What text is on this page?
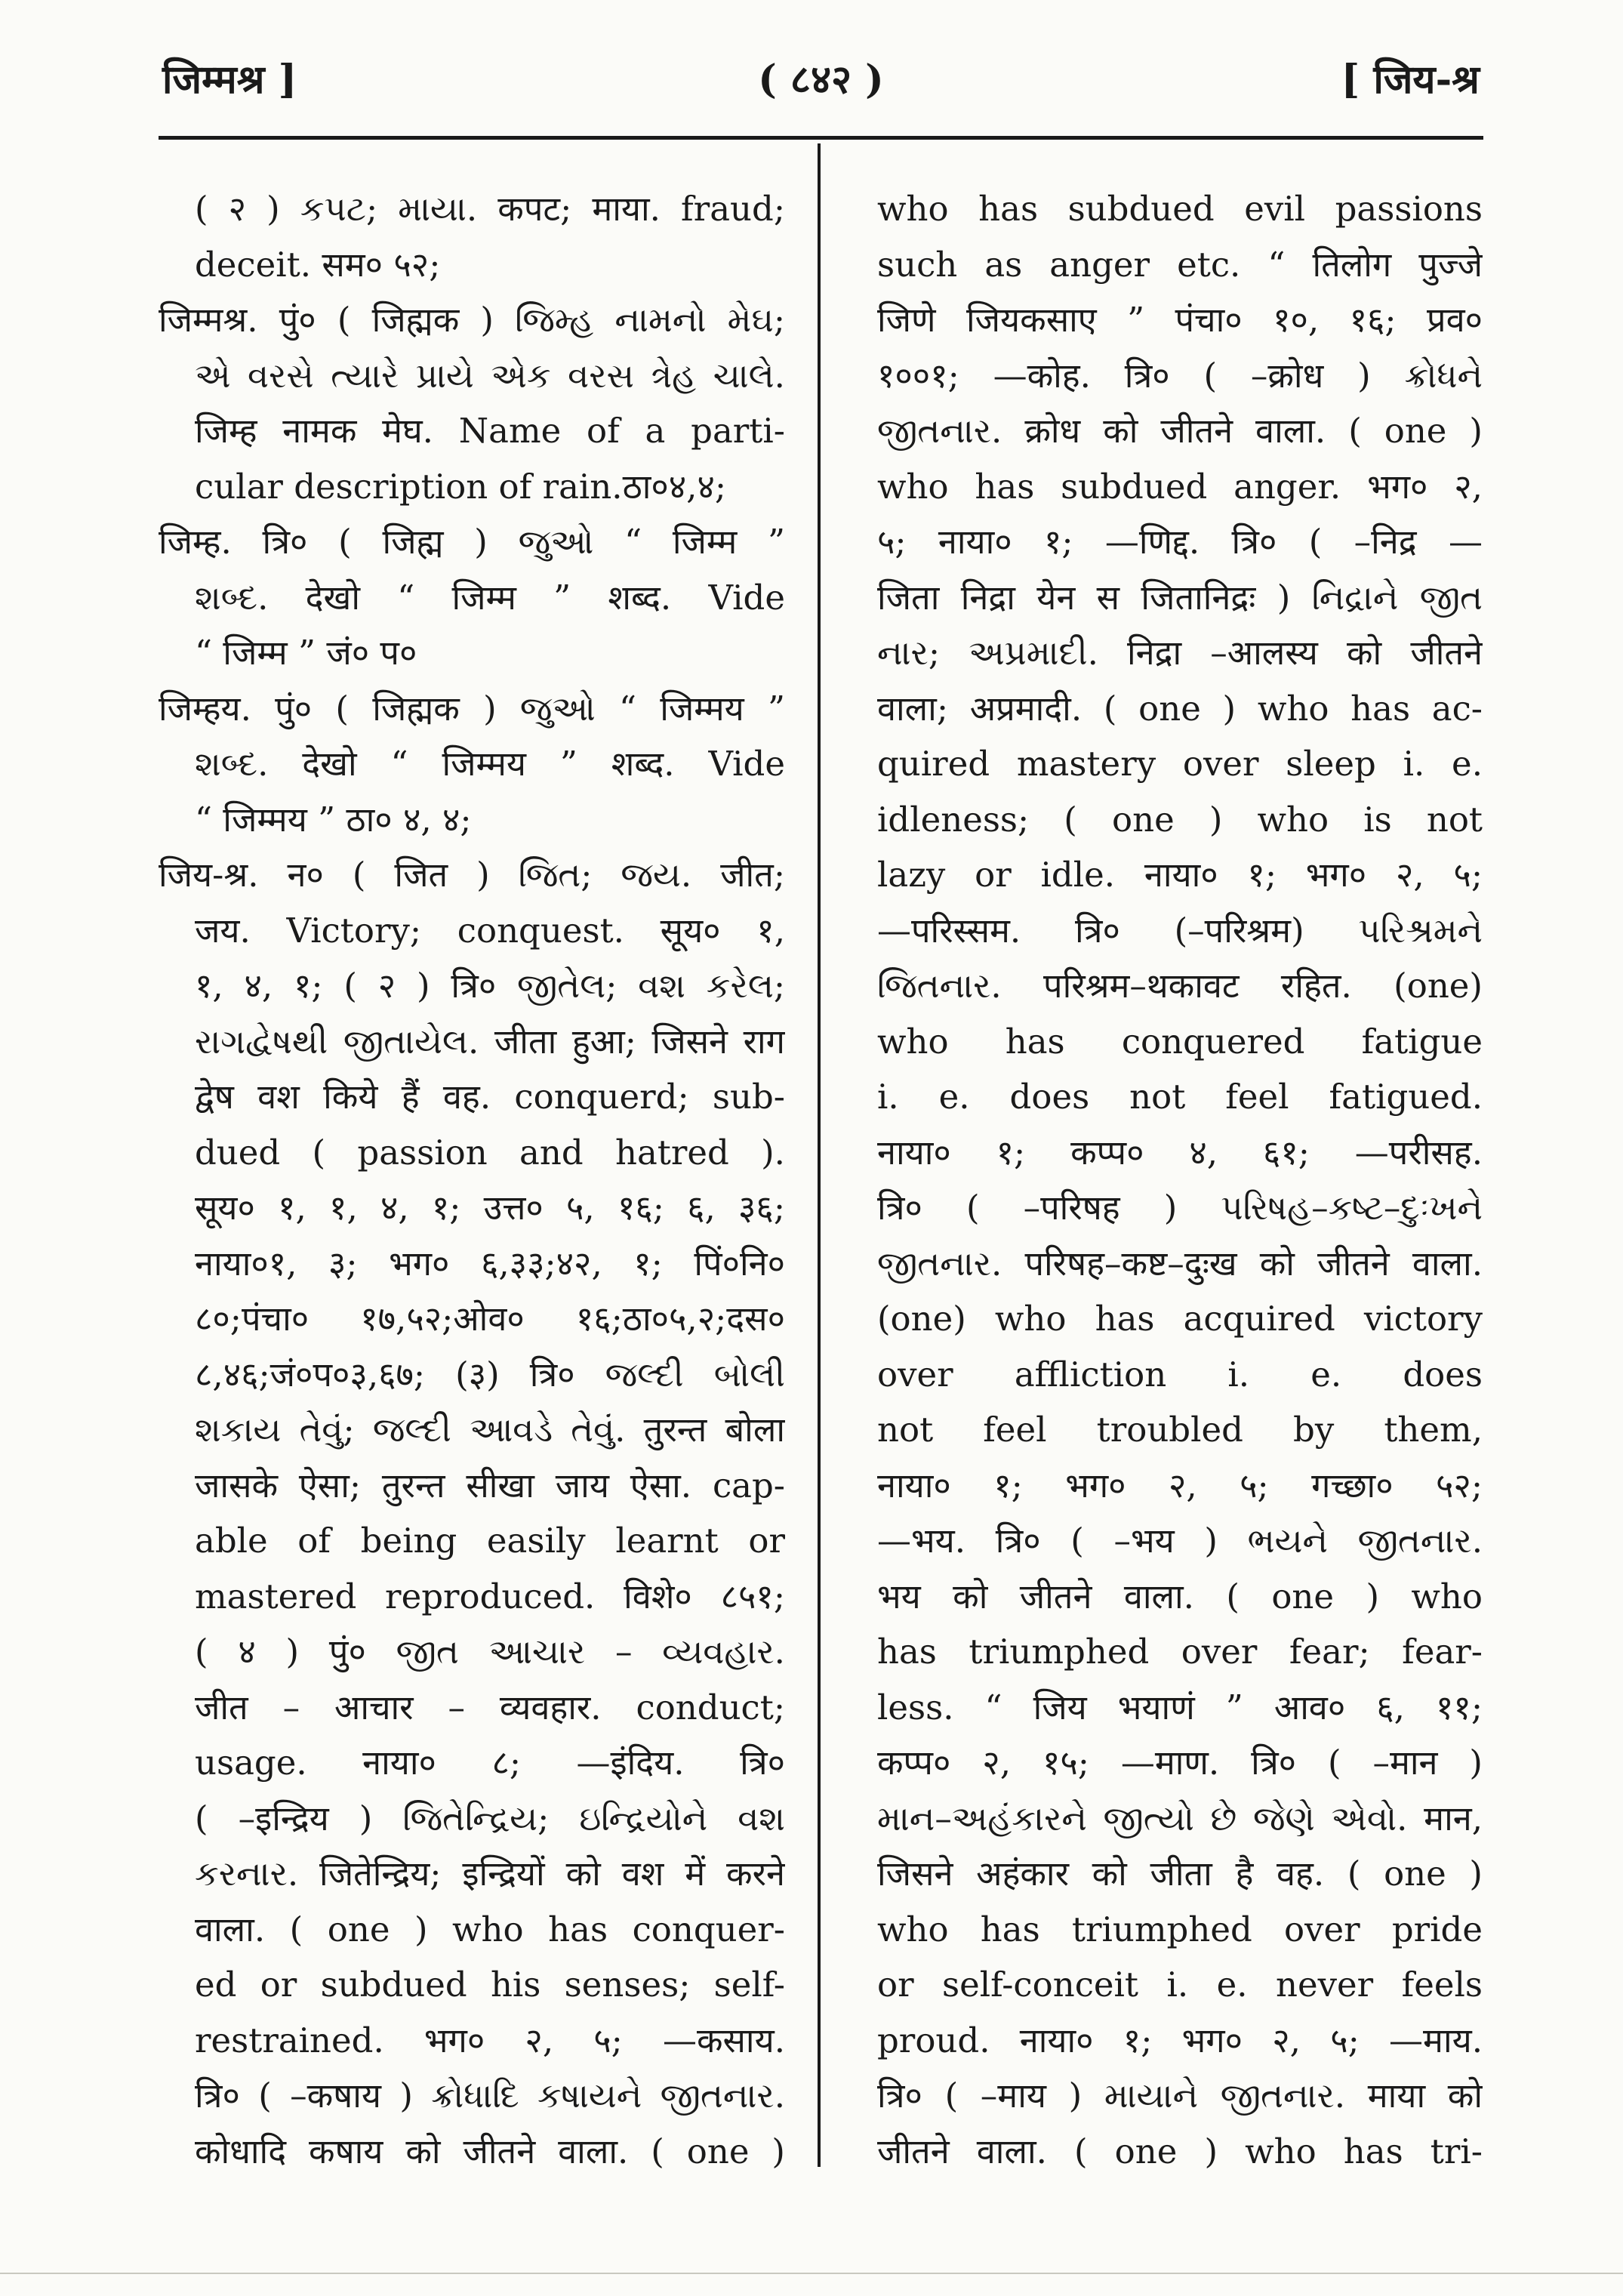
जिम्मश्र ]	( ८४२ )	[ जिय-श्र
( २ ) કપટ; માયા. कपट; माया. fraud;
deceit. सम० ५२;
जिम्मश्र. पुं० ( जिह्मक ) જિમ્હ નામનો મેઘ;
એ વરસે ત્યારે પ્રાયે એક વરસ ત્રેહ ચાલે.
जिम्ह नामक मेघ. Name of a parti-
cular description of rain.ठा०४,४;
जिम्ह. त्रि० ( जिह्म ) જુઓ “ जिम्म ”
શબ્દ. देखो “ जिम्म ” शब्द. Vide
“ जिम्म ” जं० प०
जिम्हय. पुं० ( जिह्मक ) જુઓ “ जिम्मय ”
શબ્દ. देखो “ जिम्मय ” शब्द. Vide
“ जिम्मय ” ठा० ४, ४;
जिय-श्र. न० ( जित ) જિત; જય. जीत;
जय. Victory; conquest. सूय० १,
१, ४, १; ( २ ) त्रि० જીતેલ; વશ કરેલ;
રાગદ્વેષથી જીતાયેલ. जीता हुआ; जिसने राग
द्वेष वश किये हैं वह. conquerd; sub-
dued ( passion and hatred ).
सूय० १, १, ४, १; उत्त० ५, १६; ६, ३६;
नाया०१, ३; भग० ६,३३;४२, १; पिं०नि०
८०;पंचा० १७,५२;ओव० १६;ठा०५,२;दस०
८,४६;जं०प०३,६७; (३) त्रि० જલ્દી બોલી
શકાય તેવું; જલ્દી આવડે તેવું. तुरन्त बोला
जासके ऐसा; तुरन्त सीखा जाय ऐसा. cap-
able of being easily learnt or
mastered reproduced. विशे० ८५१;
( ४ ) पुं० જીત આચાર – વ્યવહાર.
जीत – आचार – व्यवहार. conduct;
usage. नाया० ८; —इंदिय. त्रि०
( –इन्द्रिय ) જિતેન્દ્રિય; ઇન્દ્રિયોને વશ
કરનાર. जितेन्द्रिय; इन्द्रियों को वश में करने
वाला. ( one ) who has conquer-
ed or subdued his senses; self-
restrained. भग० २, ५; —कसाय.
त्रि० ( –कषाय ) ક્રોધાદિ કષાયને જીતનાર.
कोधादि कषाय को जीतने वाला. ( one )
who has subdued evil passions
such as anger etc. “ तिलोग पुज्जे
जिणे जियकसाए ” पंचा० १०, १६; प्रव०
१००१; —कोह. त्रि० ( –क्रोध ) ક્રોધને
જીતનાર. क्रोध को जीतने वाला. ( one )
who has subdued anger. भग० २,
५; नाया० १; —णिद्द. त्रि० ( –निद्र —
जिता निद्रा येन स जितानिद्रः ) નિદ્રાને જીત
નાર; અપ્રમાદી. निद्रा –आलस्य को जीतने
वाला; अप्रमादी. ( one ) who has ac-
quired mastery over sleep i. e.
idleness; ( one ) who is not
lazy or idle. नाया० १; भग० २, ५;
—परिस्सम. त्रि० (–परिश्रम) પરિશ્રમને
જિતનાર. परिश्रम–थकावट रहित. (one)
who has conquered fatigue
i. e. does not feel fatigued.
नाया० १; कप्प० ४, ६१; —परीसह.
त्रि० ( –परिषह ) પરિષહ–કષ્ટ–દુઃખને
જીતનાર. परिषह–कष्ट–दुःख को जीतने वाला.
(one) who has acquired victory
over affliction i. e. does
not feel troubled by them,
नाया० १; भग० २, ५; गच्छा० ५२;
—भय. त्रि० ( –भय ) ભયને જીતનાર.
भय को जीतने वाला. ( one ) who
has triumphed over fear; fear-
less. “ जिय भयाणं ” आव० ६, ११;
कप्प० २, १५; —माण. त्रि० ( –मान )
માન–અહંકારને જીત્યો છે જેણે એવો. मान,
जिसने अहंकार को जीता है वह. ( one )
who has triumphed over pride
or self-conceit i. e. never feels
proud. नाया० १; भग० २, ५; —माय.
त्रि० ( –माय ) માયાને જીતનાર. माया को
जीतने वाला. ( one ) who has tri-
